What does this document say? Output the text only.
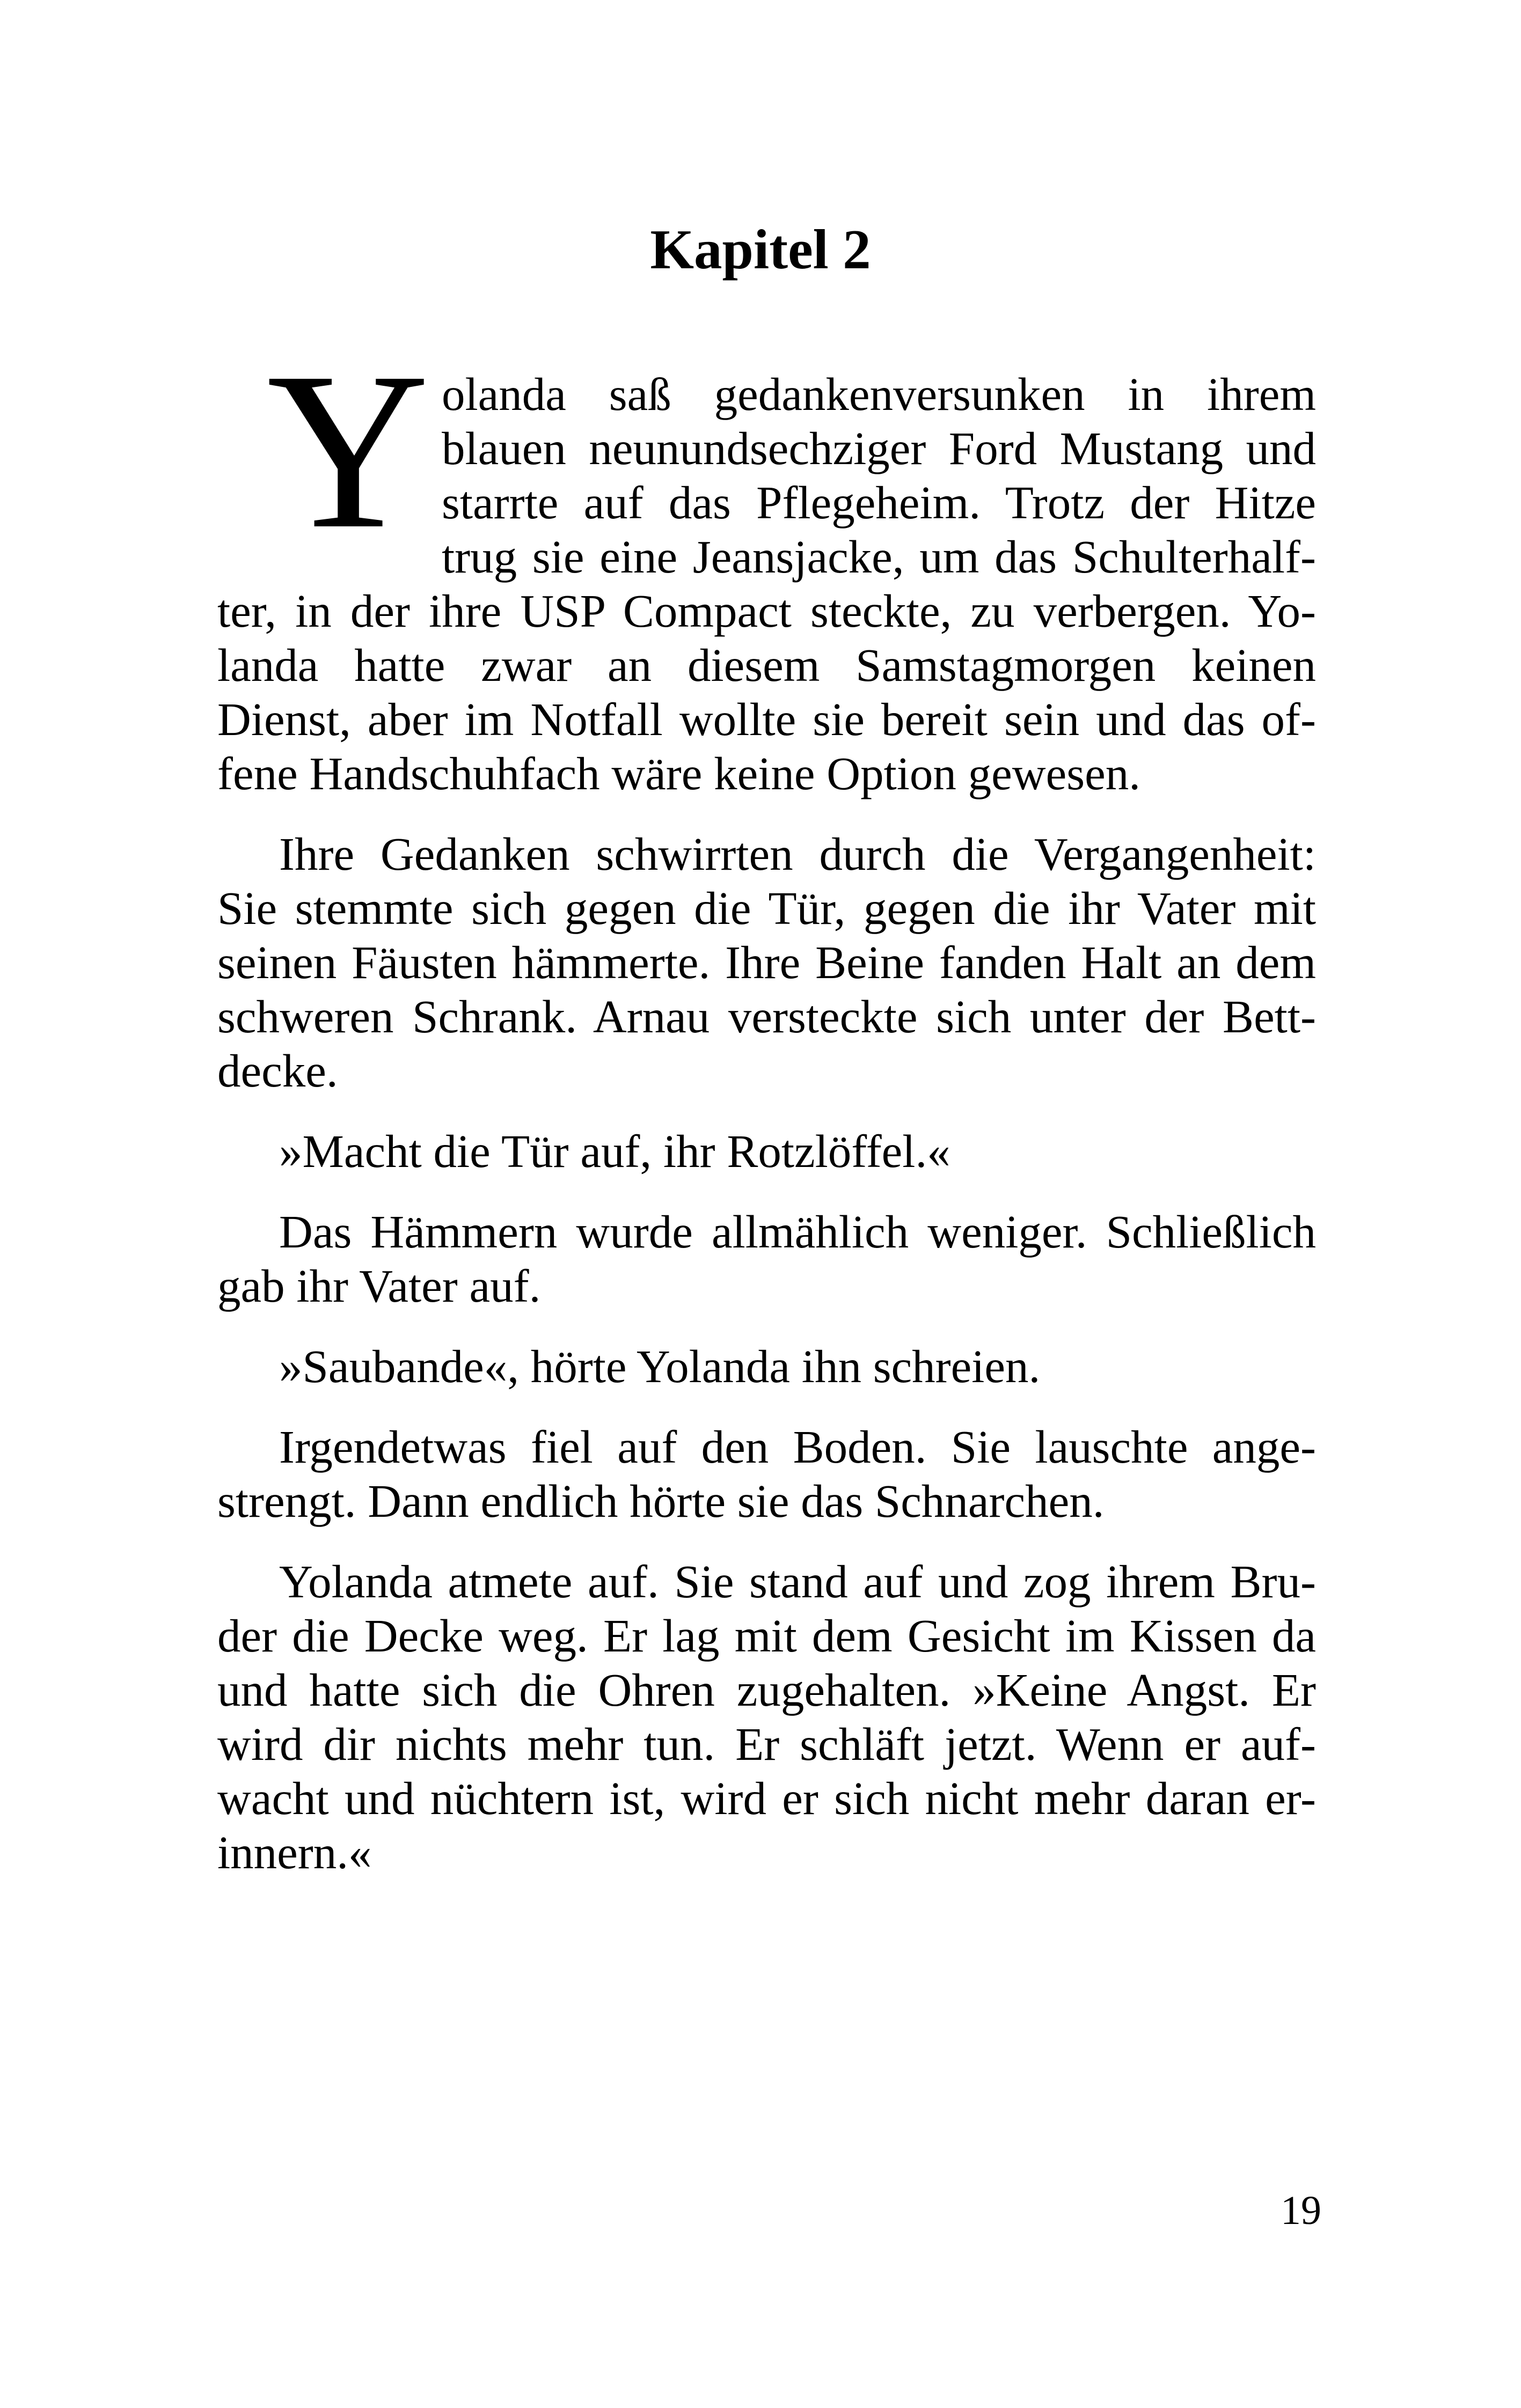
Kapitel 2
Y olanda saß gedankenversunken in ihrem
blauen neunundsechziger Ford Mustang und
starrte auf das Pflegeheim. Trotz der Hitze
trug sie eine Jeansjacke, um das Schulterhalf-
ter, in der ihre USP Compact steckte, zu verbergen. Yo-
landa hatte zwar an diesem Samstagmorgen keinen
Dienst, aber im Notfall wollte sie bereit sein und das of-
fene Handschuhfach wäre keine Option gewesen.
Ihre Gedanken schwirrten durch die Vergangenheit:
Sie stemmte sich gegen die Tür, gegen die ihr Vater mit
seinen Fäusten hämmerte. Ihre Beine fanden Halt an dem
schweren Schrank. Arnau versteckte sich unter der Bett-
decke.
»Macht die Tür auf, ihr Rotzlöffel.«
Das Hämmern wurde allmählich weniger. Schließlich
gab ihr Vater auf.
»Saubande«, hörte Yolanda ihn schreien.
Irgendetwas fiel auf den Boden. Sie lauschte ange-
strengt. Dann endlich hörte sie das Schnarchen.
Yolanda atmete auf. Sie stand auf und zog ihrem Bru-
der die Decke weg. Er lag mit dem Gesicht im Kissen da
und hatte sich die Ohren zugehalten. »Keine Angst. Er
wird dir nichts mehr tun. Er schläft jetzt. Wenn er auf-
wacht und nüchtern ist, wird er sich nicht mehr daran er-
innern.«
19
